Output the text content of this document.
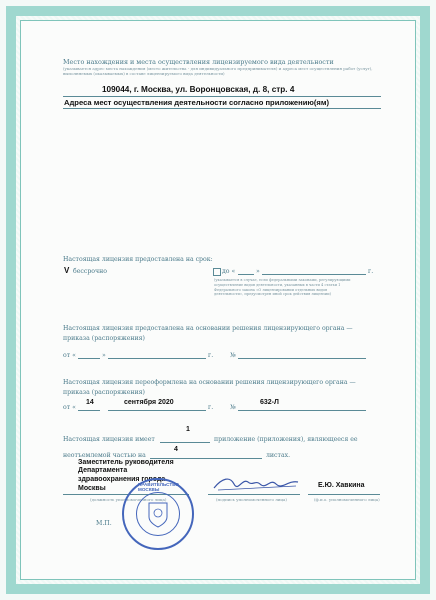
Место нахождения и места осуществления лицензируемого вида деятельности
(указывается адрес места нахождения (место жительства - для индивидуального предпринимателя) и адреса мест осуществления работ (услуг), выполняемых (оказываемых) в составе лицензируемого вида деятельности)
109044, г. Москва, ул. Воронцовская, д. 8, стр. 4
Адреса мест осуществления деятельности согласно приложению(ям)
Настоящая лицензия предоставлена на срок:
V бессрочно	до «	»	г.
(указывается в случае, если федеральными законами, регулирующими осуществление видов деятельности, указанных в части 4 статьи 1 Федерального закона «О лицензировании отдельных видов деятельности», предусмотрен иной срок действия лицензии)
Настоящая лицензия предоставлена на основании решения лицензирующего органа — приказа (распоряжения)
от «	»	г.	№
Настоящая лицензия переоформлена на основании решения лицензирующего органа — приказа (распоряжения)
от «
14	сентября 2020
г.	№
632-Л
1
Настоящая лицензия имеет	приложение (приложения), являющееся ее
4
неотъемлемой частью на	листах.
Заместитель руководителя
Департамента
здравоохранения города
Москвы
(должность уполномоченного лица)	(подпись уполномоченного лица)
Е.Ю. Хавкина
(ф.и.о. уполномоченного лица)
М.П.
ПРАВИТЕЛЬСТВО МОСКВЫ
